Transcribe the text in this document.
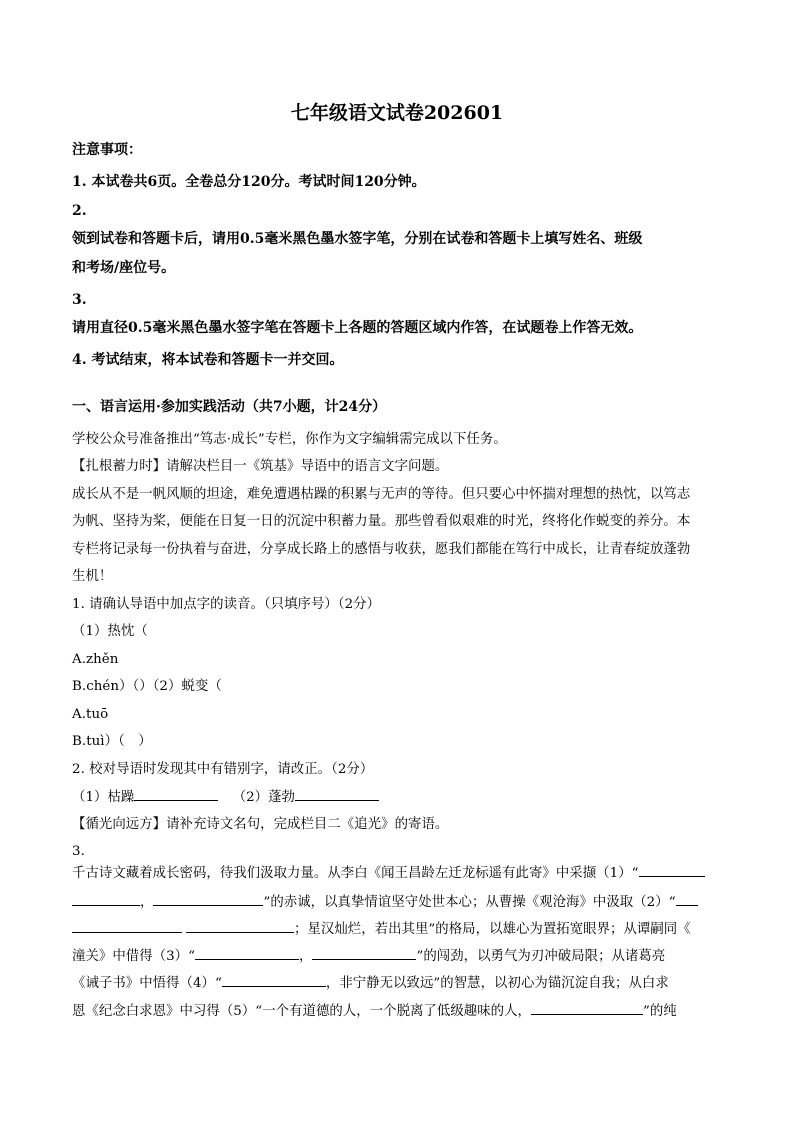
七年级语文试卷202601
注意事项：
1. 本试卷共6页。全卷总分120分。考试时间120分钟。
2.
领到试卷和答题卡后，请用0.5毫米黑色墨水签字笔，分别在试卷和答题卡上填写姓名、班级
和考场/座位号。
3.
请用直径0.5毫米黑色墨水签字笔在答题卡上各题的答题区域内作答，在试题卷上作答无效。
4. 考试结束，将本试卷和答题卡一并交回。
一、语言运用·参加实践活动（共7小题，计24分）
学校公众号准备推出“笃志·成长”专栏，你作为文字编辑需完成以下任务。
【扎根蓄力时】请解决栏目一《筑基》导语中的语言文字问题。
成长从不是一帆风顺的坦途，难免遭遇枯躁的积累与无声的等待。但只要心中怀揣对理想的热忱，以笃志
为帆、坚持为桨，便能在日复一日的沉淀中积蓄力量。那些曾看似艰难的时光，终将化作蜕变的养分。本
专栏将记录每一份执着与奋进，分享成长路上的感悟与收获，愿我们都能在笃行中成长，让青春绽放蓬勃
生机！
1. 请确认导语中加点字的读音。（只填序号）（2分）
（1）热忱（
A.zhěn
B.chén）（）（2）蜕变（
A.tuō
B.tuì）（　）
2. 校对导语时发现其中有错别字，请改正。（2分）
（1）枯躁	（2）蓬勃
【循光向远方】请补充诗文名句，完成栏目二《追光》的寄语。
3.
千古诗文藏着成长密码，待我们汲取力量。从李白《闻王昌龄左迁龙标遥有此寄》中采撷（1）“
，	”的赤诚，以真挚情谊坚守处世本心；从曹操《观沧海》中汲取（2）“
；星汉灿烂，若出其里”的格局，以雄心为置拓宽眼界；从谭嗣同《
潼关》中借得（3）“	，	”的闯劲，以勇气为刃冲破局限；从诸葛亮
《诫子书》中悟得（4）“	，非宁静无以致远”的智慧，以初心为锚沉淀自我；从白求
恩《纪念白求恩》中习得（5）“一个有道德的人，一个脱离了低级趣味的人，	”的纯
